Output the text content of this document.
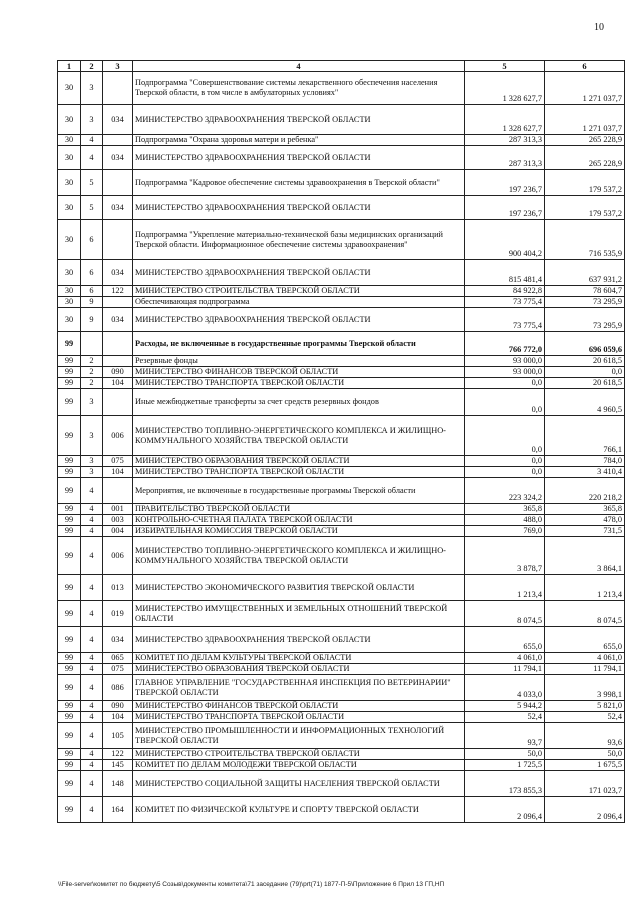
10
1	2	3	4	5	6
30	3		Подпрограмма "Совершенствование системы лекарственного обеспечения населения Тверской области, в том числе в амбулаторных условиях"	1 328 627,7	1 271 037,7
30	3	034	МИНИСТЕРСТВО ЗДРАВООХРАНЕНИЯ ТВЕРСКОЙ ОБЛАСТИ	1 328 627,7	1 271 037,7
30	4		Подпрограмма "Охрана здоровья матери и ребенка"	287 313,3	265 228,9
30	4	034	МИНИСТЕРСТВО ЗДРАВООХРАНЕНИЯ ТВЕРСКОЙ ОБЛАСТИ	287 313,3	265 228,9
30	5		Подпрограмма "Кадровое обеспечение системы здравоохранения в Тверской области"	197 236,7	179 537,2
30	5	034	МИНИСТЕРСТВО ЗДРАВООХРАНЕНИЯ ТВЕРСКОЙ ОБЛАСТИ	197 236,7	179 537,2
30	6		Подпрограмма "Укрепление материально-технической базы медицинских организаций Тверской области. Информационное обеспечение системы здравоохранения"	900 404,2	716 535,9
30	6	034	МИНИСТЕРСТВО ЗДРАВООХРАНЕНИЯ ТВЕРСКОЙ ОБЛАСТИ	815 481,4	637 931,2
30	6	122	МИНИСТЕРСТВО СТРОИТЕЛЬСТВА ТВЕРСКОЙ ОБЛАСТИ	84 922,8	78 604,7
30	9		Обеспечивающая подпрограмма	73 775,4	73 295,9
30	9	034	МИНИСТЕРСТВО ЗДРАВООХРАНЕНИЯ ТВЕРСКОЙ ОБЛАСТИ	73 775,4	73 295,9
99			Расходы, не включенные в государственные программы Тверской области	766 772,0	696 059,6
99	2		Резервные фонды	93 000,0	20 618,5
99	2	090	МИНИСТЕРСТВО ФИНАНСОВ ТВЕРСКОЙ ОБЛАСТИ	93 000,0	0,0
99	2	104	МИНИСТЕРСТВО ТРАНСПОРТА ТВЕРСКОЙ ОБЛАСТИ	0,0	20 618,5
99	3		Иные межбюджетные трансферты за счет средств резервных фондов	0,0	4 960,5
99	3	006	МИНИСТЕРСТВО ТОПЛИВНО-ЭНЕРГЕТИЧЕСКОГО КОМПЛЕКСА И ЖИЛИЩНО-КОММУНАЛЬНОГО ХОЗЯЙСТВА ТВЕРСКОЙ ОБЛАСТИ	0,0	766,1
99	3	075	МИНИСТЕРСТВО ОБРАЗОВАНИЯ ТВЕРСКОЙ ОБЛАСТИ	0,0	784,0
99	3	104	МИНИСТЕРСТВО ТРАНСПОРТА ТВЕРСКОЙ ОБЛАСТИ	0,0	3 410,4
99	4		Мероприятия, не включенные в государственные программы Тверской области	223 324,2	220 218,2
99	4	001	ПРАВИТЕЛЬСТВО ТВЕРСКОЙ ОБЛАСТИ	365,8	365,8
99	4	003	КОНТРОЛЬНО-СЧЕТНАЯ ПАЛАТА ТВЕРСКОЙ ОБЛАСТИ	488,0	478,0
99	4	004	ИЗБИРАТЕЛЬНАЯ КОМИССИЯ ТВЕРСКОЙ ОБЛАСТИ	769,0	731,5
99	4	006	МИНИСТЕРСТВО ТОПЛИВНО-ЭНЕРГЕТИЧЕСКОГО КОМПЛЕКСА И ЖИЛИЩНО-КОММУНАЛЬНОГО ХОЗЯЙСТВА ТВЕРСКОЙ ОБЛАСТИ	3 878,7	3 864,1
99	4	013	МИНИСТЕРСТВО ЭКОНОМИЧЕСКОГО РАЗВИТИЯ ТВЕРСКОЙ ОБЛАСТИ	1 213,4	1 213,4
99	4	019	МИНИСТЕРСТВО ИМУЩЕСТВЕННЫХ И ЗЕМЕЛЬНЫХ ОТНОШЕНИЙ ТВЕРСКОЙ ОБЛАСТИ	8 074,5	8 074,5
99	4	034	МИНИСТЕРСТВО ЗДРАВООХРАНЕНИЯ ТВЕРСКОЙ ОБЛАСТИ	655,0	655,0
99	4	065	КОМИТЕТ ПО ДЕЛАМ КУЛЬТУРЫ ТВЕРСКОЙ ОБЛАСТИ	4 061,0	4 061,0
99	4	075	МИНИСТЕРСТВО ОБРАЗОВАНИЯ ТВЕРСКОЙ ОБЛАСТИ	11 794,1	11 794,1
99	4	086	ГЛАВНОЕ УПРАВЛЕНИЕ "ГОСУДАРСТВЕННАЯ ИНСПЕКЦИЯ ПО ВЕТЕРИНАРИИ" ТВЕРСКОЙ ОБЛАСТИ	4 033,0	3 998,1
99	4	090	МИНИСТЕРСТВО ФИНАНСОВ ТВЕРСКОЙ ОБЛАСТИ	5 944,2	5 821,0
99	4	104	МИНИСТЕРСТВО ТРАНСПОРТА ТВЕРСКОЙ ОБЛАСТИ	52,4	52,4
99	4	105	МИНИСТЕРСТВО ПРОМЫШЛЕННОСТИ И ИНФОРМАЦИОННЫХ ТЕХНОЛОГИЙ ТВЕРСКОЙ ОБЛАСТИ	93,7	93,6
99	4	122	МИНИСТЕРСТВО СТРОИТЕЛЬСТВА ТВЕРСКОЙ ОБЛАСТИ	50,0	50,0
99	4	145	КОМИТЕТ ПО ДЕЛАМ МОЛОДЕЖИ ТВЕРСКОЙ ОБЛАСТИ	1 725,5	1 675,5
99	4	148	МИНИСТЕРСТВО СОЦИАЛЬНОЙ ЗАЩИТЫ НАСЕЛЕНИЯ ТВЕРСКОЙ ОБЛАСТИ	173 855,3	171 023,7
99	4	164	КОМИТЕТ ПО ФИЗИЧЕСКОЙ КУЛЬТУРЕ И СПОРТУ ТВЕРСКОЙ ОБЛАСТИ	2 096,4	2 096,4
\\File-server\комитет по бюджету\5 Созыв\документы комитета\71 заседание (79)\prt(71) 1877-П-5\Приложение 6 Прил 13 ГП,НП
